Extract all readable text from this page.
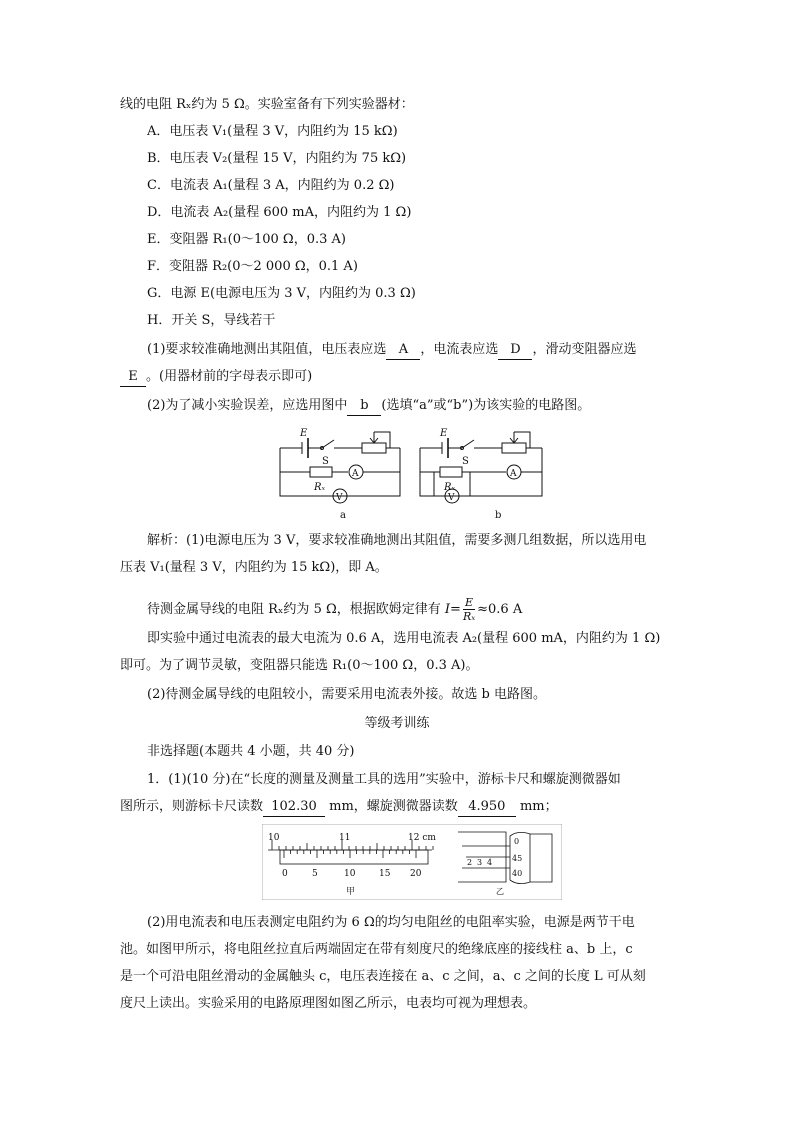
线的电阻 Rₓ约为 5 Ω。实验室备有下列实验器材：
A．电压表 V₁(量程 3 V，内阻约为 15 kΩ)
B．电压表 V₂(量程 15 V，内阻约为 75 kΩ)
C．电流表 A₁(量程 3 A，内阻约为 0.2 Ω)
D．电流表 A₂(量程 600 mA，内阻约为 1 Ω)
E．变阻器 R₁(0～100 Ω，0.3 A)
F．变阻器 R₂(0～2 000 Ω，0.1 A)
G．电源 E(电源电压为 3 V，内阻约为 0.3 Ω)
H．开关 S，导线若干
(1)要求较准确地测出其阻值，电压表应选 A ，电流表应选 D ，滑动变阻器应选
E 。(用器材前的字母表示即可)
(2)为了减小实验误差，应选用图中 b (选填“a”或“b”)为该实验的电路图。
E
S
Rₓ
A
V
a
E
S
Rₓ
A
V
b
解析：(1)电源电压为 3 V，要求较准确地测出其阻值，需要多测几组数据，所以选用电
压表 V₁(量程 3 V，内阻约为 15 kΩ)，即 A。
待测金属导线的电阻 Rₓ约为 5 Ω，根据欧姆定律有 $I= \frac{E}{\text{Rₓ}} \approx 0.6$ A
即实验中通过电流表的最大电流为 0.6 A，选用电流表 A₂(量程 600 mA，内阻约为 1 Ω)
即可。为了调节灵敏，变阻器只能选 R₁(0～100 Ω，0.3 A)。
(2)待测金属导线的电阻较小，需要采用电流表外接。故选 b 电路图。
等级考训练
非选择题(本题共 4 小题，共 40 分)
1．(1)(10 分)在“长度的测量及测量工具的选用”实验中，游标卡尺和螺旋测微器如
图所示，则游标卡尺读数 102.30 mm，螺旋测微器读数 4.950 mm；
10	11	12 cm
0	5	10	15 20
甲
2 3 4
0
45
40
乙
(2)用电流表和电压表测定电阻约为 6 Ω的均匀电阻丝的电阻率实验，电源是两节干电
池。如图甲所示，将电阻丝拉直后两端固定在带有刻度尺的绝缘底座的接线柱 a、b 上，c
是一个可沿电阻丝滑动的金属触头 c，电压表连接在 a、c 之间，a、c 之间的长度 L 可从刻
度尺上读出。实验采用的电路原理图如图乙所示，电表均可视为理想表。
